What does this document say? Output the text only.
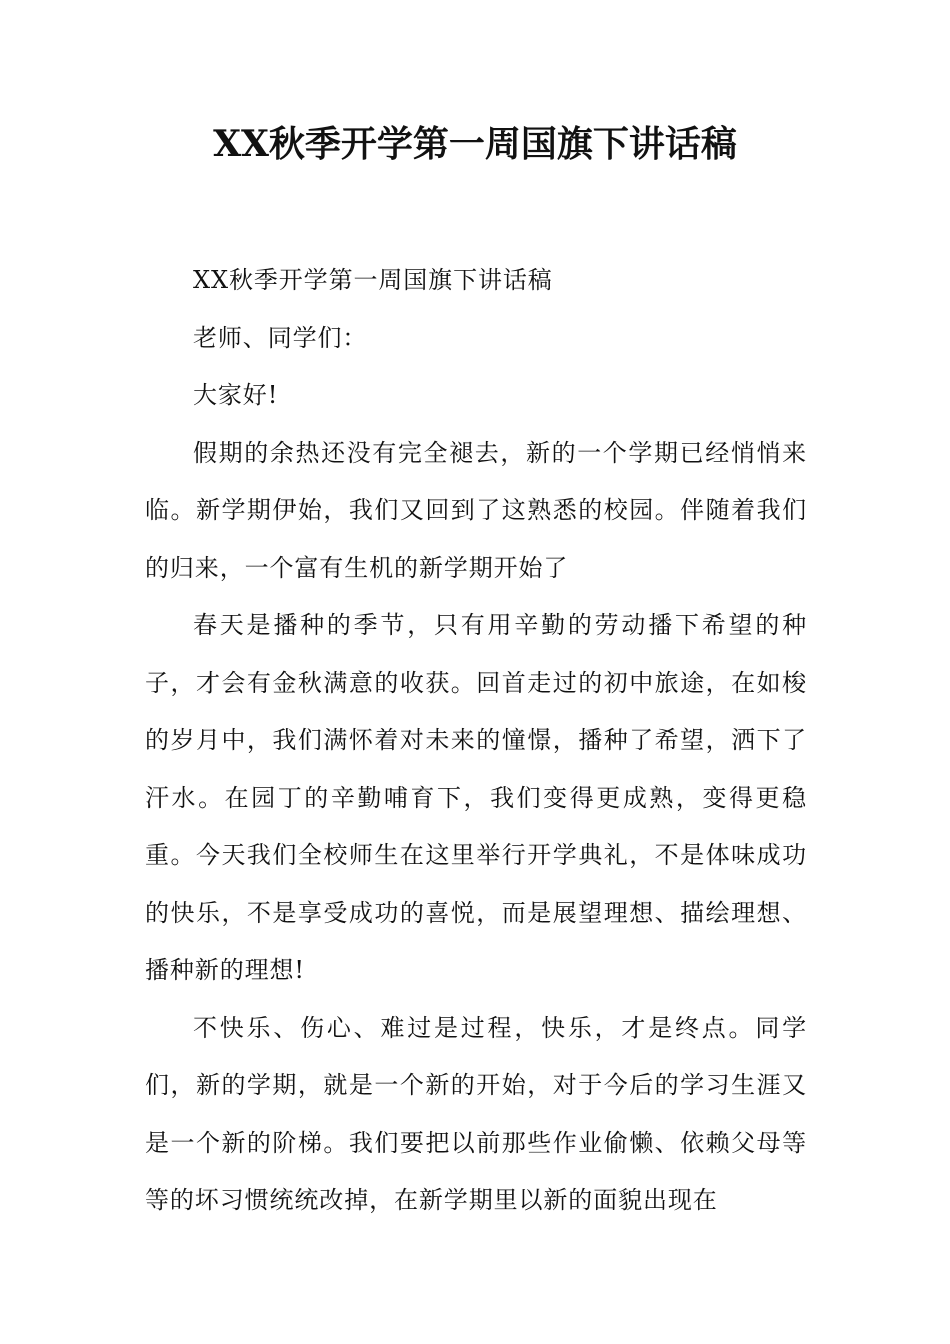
XX秋季开学第一周国旗下讲话稿

XX秋季开学第一周国旗下讲话稿

老师、同学们：

大家好!

假期的余热还没有完全褪去，新的一个学期已经悄悄来临。新学期伊始，我们又回到了这熟悉的校园。伴随着我们的归来，一个富有生机的新学期开始了

春天是播种的季节，只有用辛勤的劳动播下希望的种子，才会有金秋满意的收获。回首走过的初中旅途，在如梭的岁月中，我们满怀着对未来的憧憬，播种了希望，洒下了汗水。在园丁的辛勤哺育下，我们变得更成熟，变得更稳重。今天我们全校师生在这里举行开学典礼，不是体味成功的快乐，不是享受成功的喜悦，而是展望理想、描绘理想、播种新的理想!

不快乐、伤心、难过是过程，快乐，才是终点。同学们，新的学期，就是一个新的开始，对于今后的学习生涯又是一个新的阶梯。我们要把以前那些作业偷懒、依赖父母等等的坏习惯统统改掉，在新学期里以新的面貌出现在
